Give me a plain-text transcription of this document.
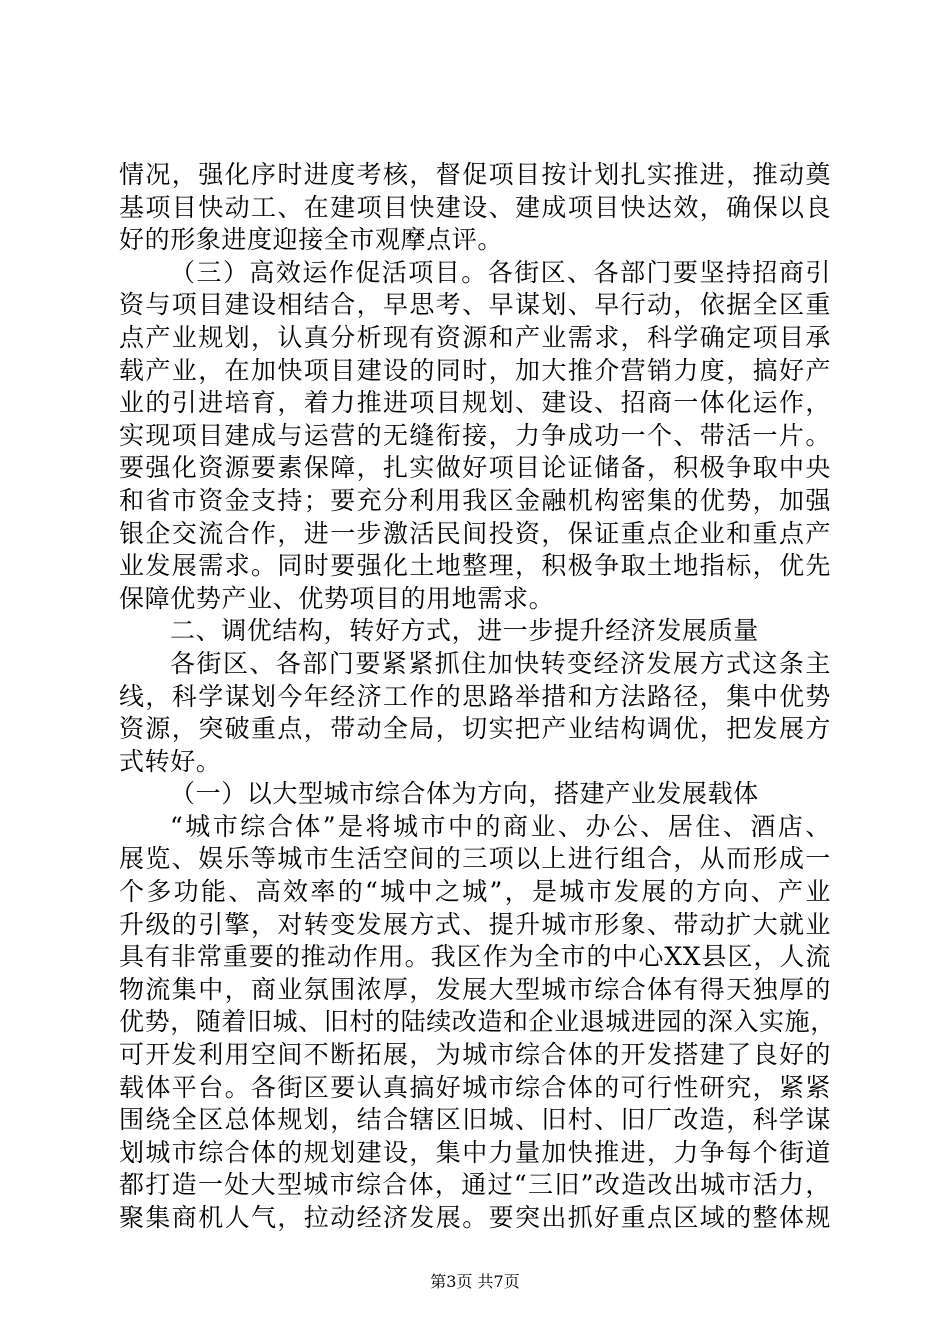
情况，强化序时进度考核，督促项目按计划扎实推进，推动奠
基项目快动工、在建项目快建设、建成项目快达效，确保以良
好的形象进度迎接全市观摩点评。
（三）高效运作促活项目。各街区、各部门要坚持招商引
资与项目建设相结合，早思考、早谋划、早行动，依据全区重
点产业规划，认真分析现有资源和产业需求，科学确定项目承
载产业，在加快项目建设的同时，加大推介营销力度，搞好产
业的引进培育，着力推进项目规划、建设、招商一体化运作，
实现项目建成与运营的无缝衔接，力争成功一个、带活一片。
要强化资源要素保障，扎实做好项目论证储备，积极争取中央
和省市资金支持；要充分利用我区金融机构密集的优势，加强
银企交流合作，进一步激活民间投资，保证重点企业和重点产
业发展需求。同时要强化土地整理，积极争取土地指标，优先
保障优势产业、优势项目的用地需求。
二、调优结构，转好方式，进一步提升经济发展质量
各街区、各部门要紧紧抓住加快转变经济发展方式这条主
线，科学谋划今年经济工作的思路举措和方法路径，集中优势
资源，突破重点，带动全局，切实把产业结构调优，把发展方
式转好。
（一）以大型城市综合体为方向，搭建产业发展载体
“城市综合体”是将城市中的商业、办公、居住、酒店、
展览、娱乐等城市生活空间的三项以上进行组合，从而形成一
个多功能、高效率的“城中之城”，是城市发展的方向、产业
升级的引擎，对转变发展方式、提升城市形象、带动扩大就业
具有非常重要的推动作用。我区作为全市的中心XX县区，人流
物流集中，商业氛围浓厚，发展大型城市综合体有得天独厚的
优势，随着旧城、旧村的陆续改造和企业退城进园的深入实施，
可开发利用空间不断拓展，为城市综合体的开发搭建了良好的
载体平台。各街区要认真搞好城市综合体的可行性研究，紧紧
围绕全区总体规划，结合辖区旧城、旧村、旧厂改造，科学谋
划城市综合体的规划建设，集中力量加快推进，力争每个街道
都打造一处大型城市综合体，通过“三旧”改造改出城市活力，
聚集商机人气，拉动经济发展。要突出抓好重点区域的整体规
第3页 共7页
